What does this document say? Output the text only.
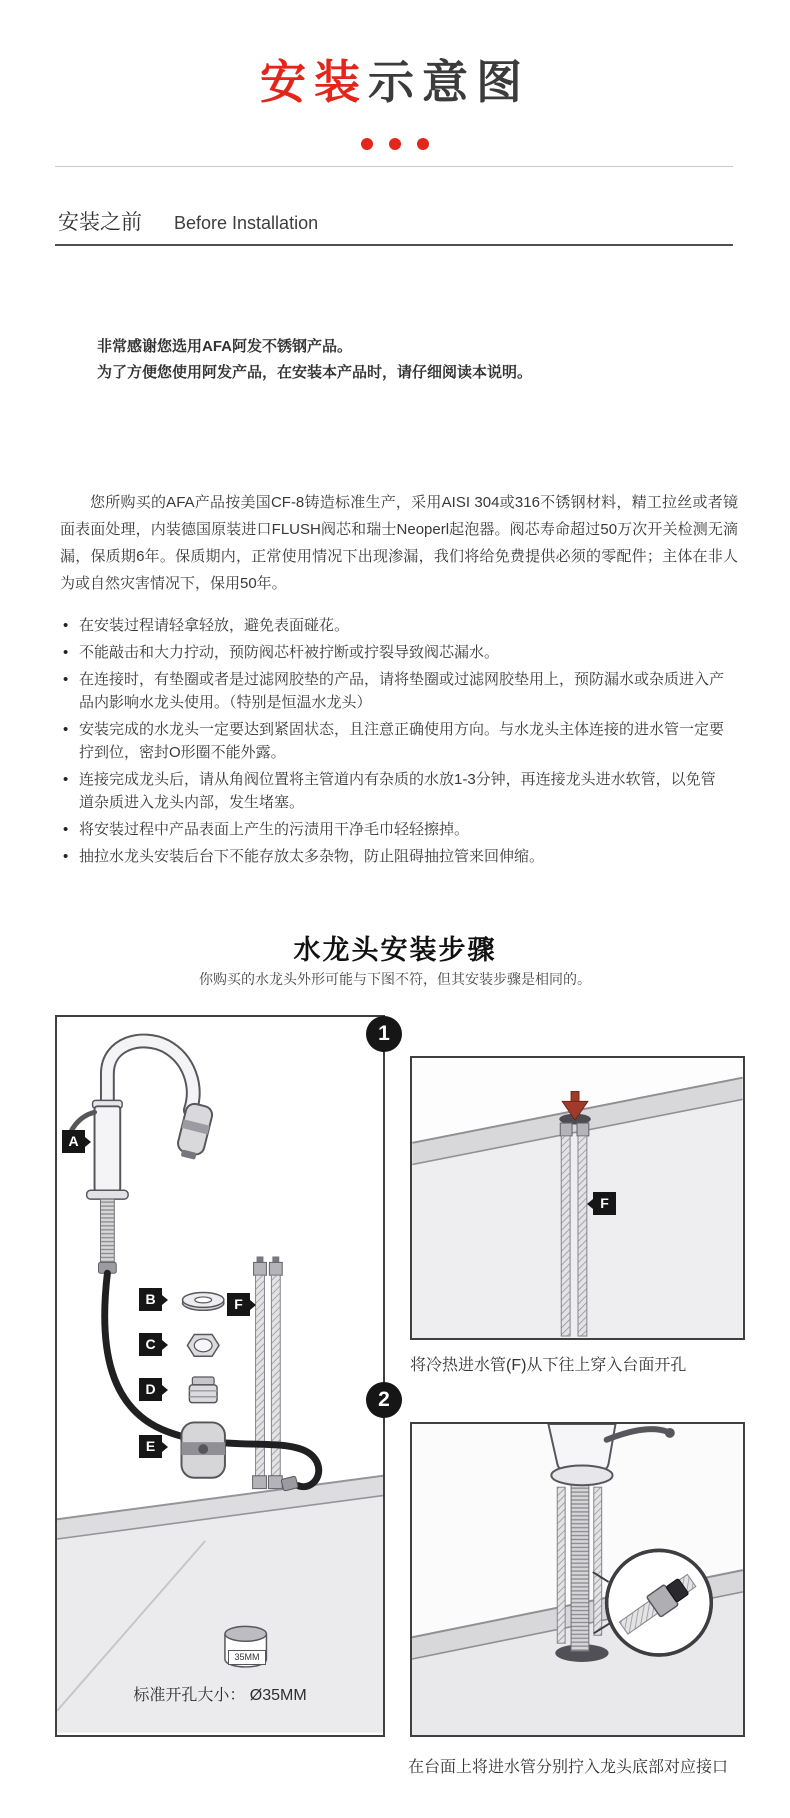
安装示意图
安装之前 Before Installation
非常感谢您选用AFA阿发不锈钢产品。
为了方便您使用阿发产品，在安装本产品时，请仔细阅读本说明。
您所购买的AFA产品按美国CF-8铸造标准生产，采用AISI 304或316不锈钢材料，精工拉丝或者镜面表面处理，内装德国原装进口FLUSH阀芯和瑞士Neoperl起泡器。阀芯寿命超过50万次开关检测无滴漏，保质期6年。保质期内，正常使用情况下出现渗漏，我们将给免费提供必须的零配件；主体在非人为或自然灾害情况下，保用50年。
• 在安装过程请轻拿轻放，避免表面碰花。
• 不能敲击和大力拧动，预防阀芯杆被拧断或拧裂导致阀芯漏水。
• 在连接时，有垫圈或者是过滤网胶垫的产品，请将垫圈或过滤网胶垫用上，预防漏水或杂质进入产品内影响水龙头使用。（特别是恒温水龙头）
• 安装完成的水龙头一定要达到紧固状态，且注意正确使用方向。与水龙头主体连接的进水管一定要拧到位，密封O形圈不能外露。
• 连接完成龙头后，请从角阀位置将主管道内有杂质的水放1-3分钟，再连接龙头进水软管，以免管道杂质进入龙头内部，发生堵塞。
• 将安装过程中产品表面上产生的污渍用干净毛巾轻轻擦掉。
• 抽拉水龙头安装后台下不能存放太多杂物，防止阻碍抽拉管来回伸缩。
水龙头安装步骤
你购买的水龙头外形可能与下图不符，但其安装步骤是相同的。
A
B
C
D
E
F
35MM
标准开孔大小： Ø35MM
1
F
将冷热进水管(F)从下往上穿入台面开孔
2
在台面上将进水管分别拧入龙头底部对应接口
